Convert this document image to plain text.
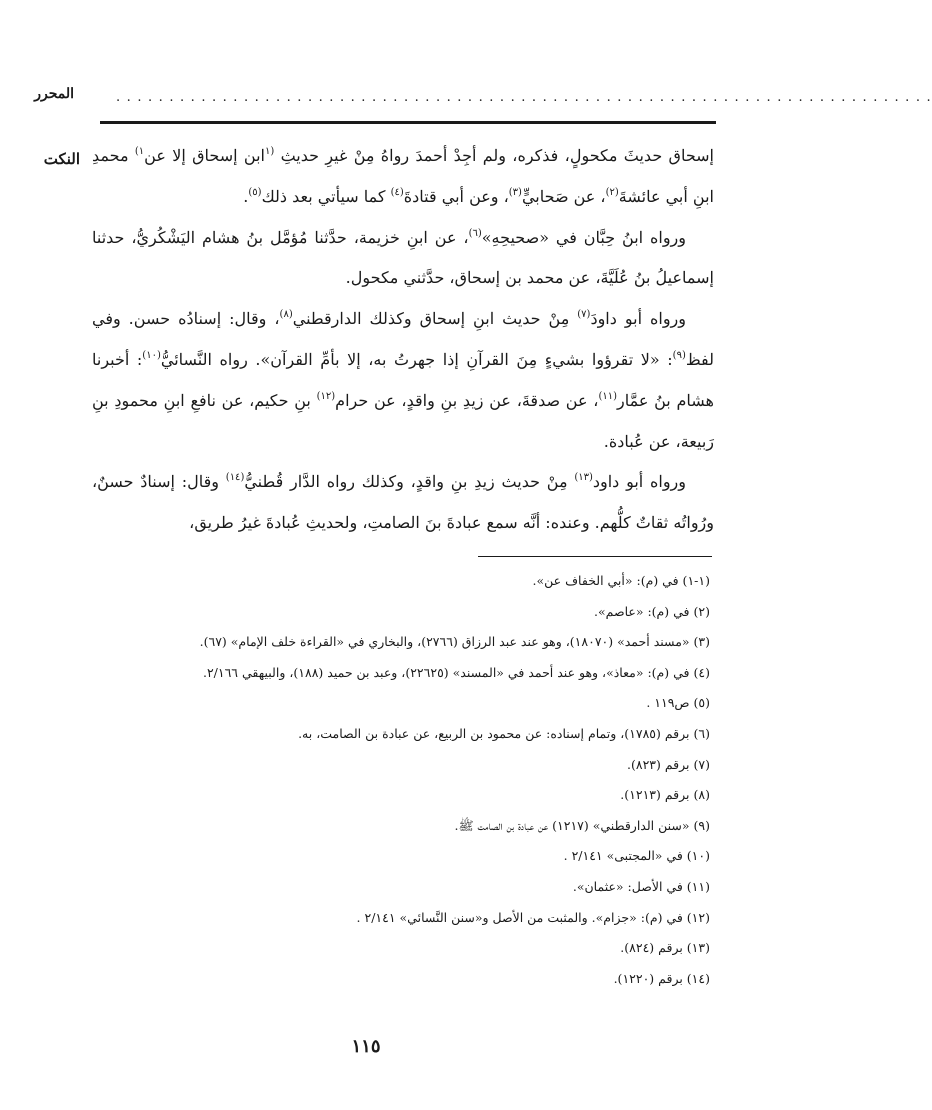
المحرر	. . . . . . . . . . . . . . . . . . . . . . . . . . . . . . . . . . . . . . . . . . . . . . . . . . . . . . . . . . . . . . . . . . . . . . . . . . . . .
النكت	إسحاق حديثَ مكحولٍ، فذكره، ولم أجِدْ أحمدَ رواهُ مِنْ غيرِ حديثِ $^{(١}$ابن إسحاق إلا عن$^{١)}$ محمدِ ابنِ أبي عائشةَ$^{(٢)}$، عن صَحابيٍّ$^{(٣)}$، وعن أبي قتادةَ$^{(٤)}$ كما سيأتي بعد ذلك$^{(٥)}$.

ورواه ابنُ حِبَّان في «صحيحِهِ»$^{(٦)}$، عن ابنِ خزيمة، حدَّثنا مُؤمَّل بنُ هشام اليَشْكُريُّ، حدثنا إسماعيلُ بنُ عُلَيَّةَ، عن محمد بن إسحاق، حدَّثني مكحول.

ورواه أبو داودَ$^{(٧)}$ مِنْ حديث ابنِ إسحاق وكذلك الدارقطني$^{(٨)}$، وقال: إسنادُه حسن. وفي لفظ$^{(٩)}$: «لا تقرؤوا بشيءٍ مِنَ القرآنِ إذا جهرتُ به، إلا بأمِّ القرآن». رواه النَّسائيُّ$^{(١٠)}$: أخبرنا هشام بنُ عمَّار$^{(١١)}$، عن صدقةَ، عن زيدِ بنِ واقدٍ، عن حرام$^{(١٢)}$ بنِ حكيم، عن نافعِ ابنِ محمودِ بنِ رَبيعة، عن عُبادة.

ورواه أبو داود$^{(١٣)}$ مِنْ حديث زيدِ بنِ واقدٍ، وكذلك رواه الدَّار قُطنيُّ$^{(١٤)}$ وقال: إسنادٌ حسنٌ، ورُواتُه ثقاتٌ كلُّهم. وعنده: أنَّه سمع عبادةَ بنَ الصامتِ، ولحديثِ عُبادةَ غيرُ طريق،

(١-١) في (م): «أبي الخفاف عن».
(٢) في (م): «عاصم».
(٣) «مسند أحمد» (١٨٠٧٠)، وهو عند عبد الرزاق (٢٧٦٦)، والبخاري في «القراءة خلف الإمام» (٦٧).
(٤) في (م): «معاذ»، وهو عند أحمد في «المسند» (٢٢٦٢٥)، وعبد بن حميد (١٨٨)، والبيهقي ٢/١٦٦.
(٥) ص١١٩ .
(٦) برقم (١٧٨٥)، وتمام إسناده: عن محمود بن الربيع، عن عبادة بن الصامت، به.
(٧) برقم (٨٢٣).
(٨) برقم (١٢١٣).
(٩) «سنن الدارقطني» (١٢١٧) عن عبادة بن الصامت ﷺ.
(١٠) في «المجتبى» ٢/١٤١ .
(١١) في الأصل: «عثمان».
(١٢) في (م): «جزام». والمثبت من الأصل و«سنن النَّسائي» ٢/١٤١ .
(١٣) برقم (٨٢٤).
(١٤) برقم (١٢٢٠).
١١٥
